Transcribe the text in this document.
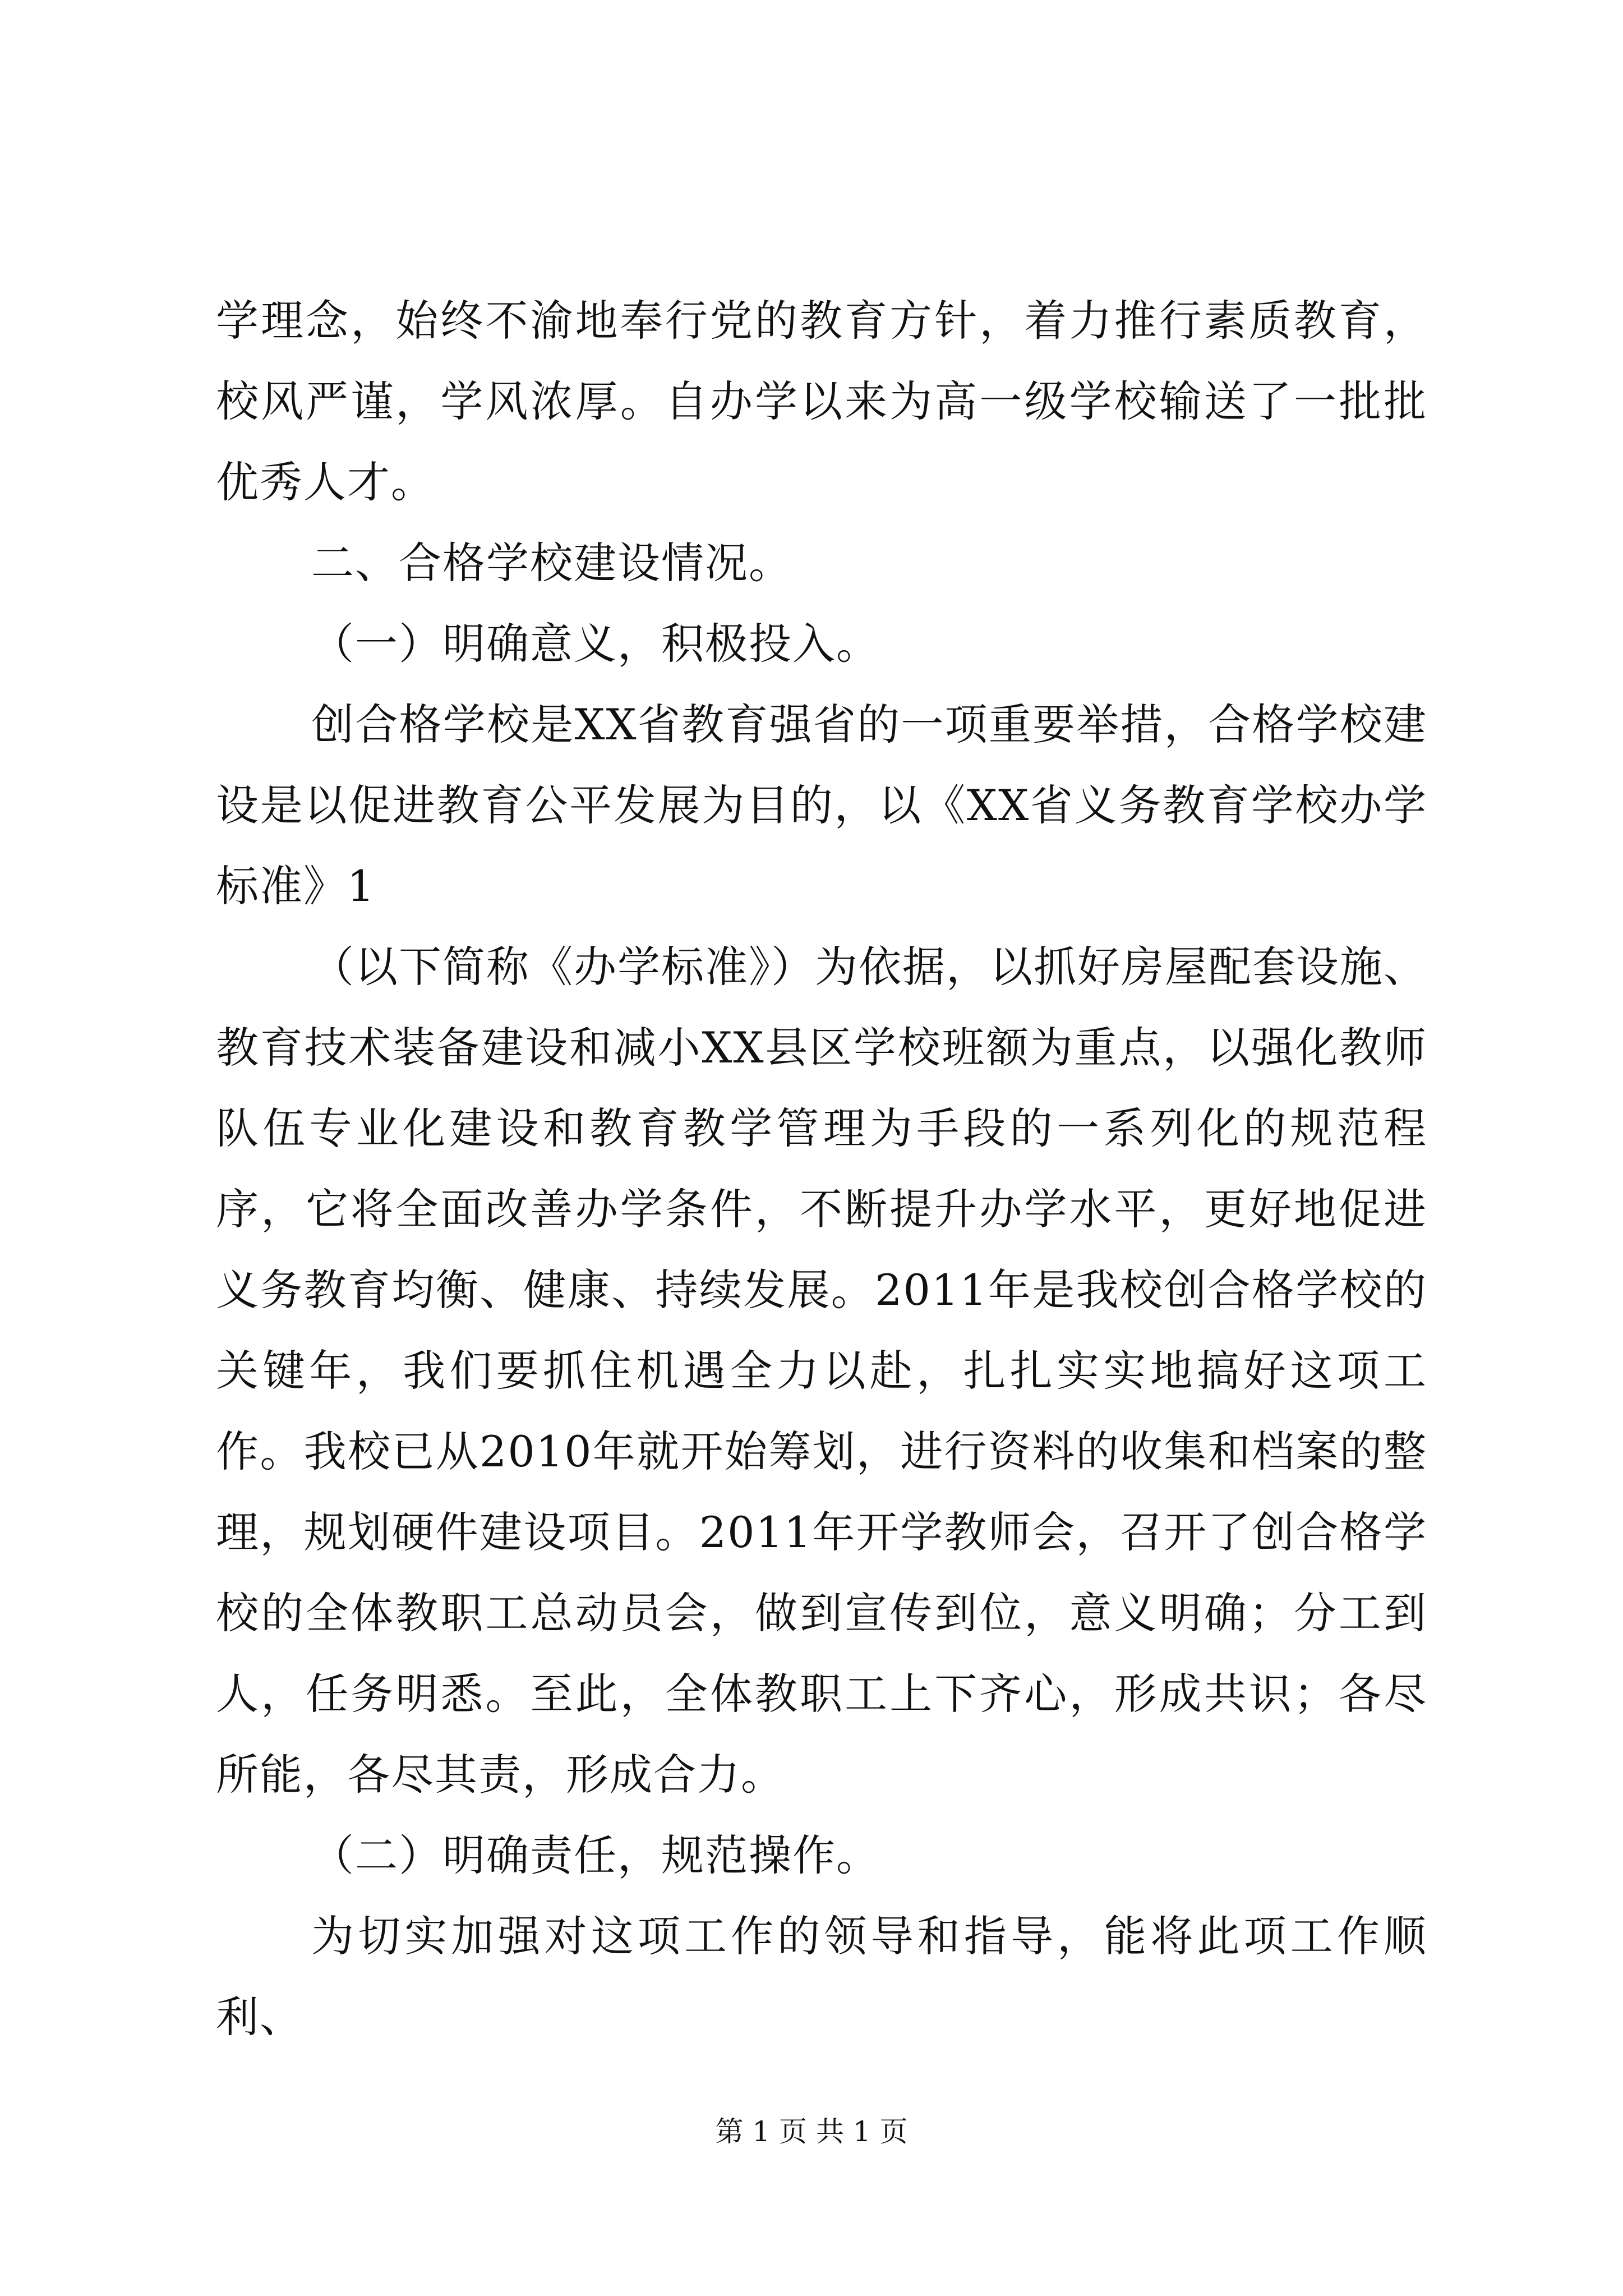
学理念，始终不渝地奉行党的教育方针，着力推行素质教育，校风严谨，学风浓厚。自办学以来为高一级学校输送了一批批优秀人才。

二、合格学校建设情况。

（一）明确意义，积极投入。

创合格学校是XX省教育强省的一项重要举措，合格学校建设是以促进教育公平发展为目的，以《XX省义务教育学校办学标准》1

（以下简称《办学标准》）为依据，以抓好房屋配套设施、教育技术装备建设和减小XX县区学校班额为重点，以强化教师队伍专业化建设和教育教学管理为手段的一系列化的规范程序，它将全面改善办学条件，不断提升办学水平，更好地促进义务教育均衡、健康、持续发展。2011年是我校创合格学校的关键年，我们要抓住机遇全力以赴，扎扎实实地搞好这项工作。我校已从2010年就开始筹划，进行资料的收集和档案的整理，规划硬件建设项目。2011年开学教师会，召开了创合格学校的全体教职工总动员会，做到宣传到位，意义明确；分工到人，任务明悉。至此，全体教职工上下齐心，形成共识；各尽所能，各尽其责，形成合力。

（二）明确责任，规范操作。

为切实加强对这项工作的领导和指导，能将此项工作顺利、

第 1 页 共 1 页
